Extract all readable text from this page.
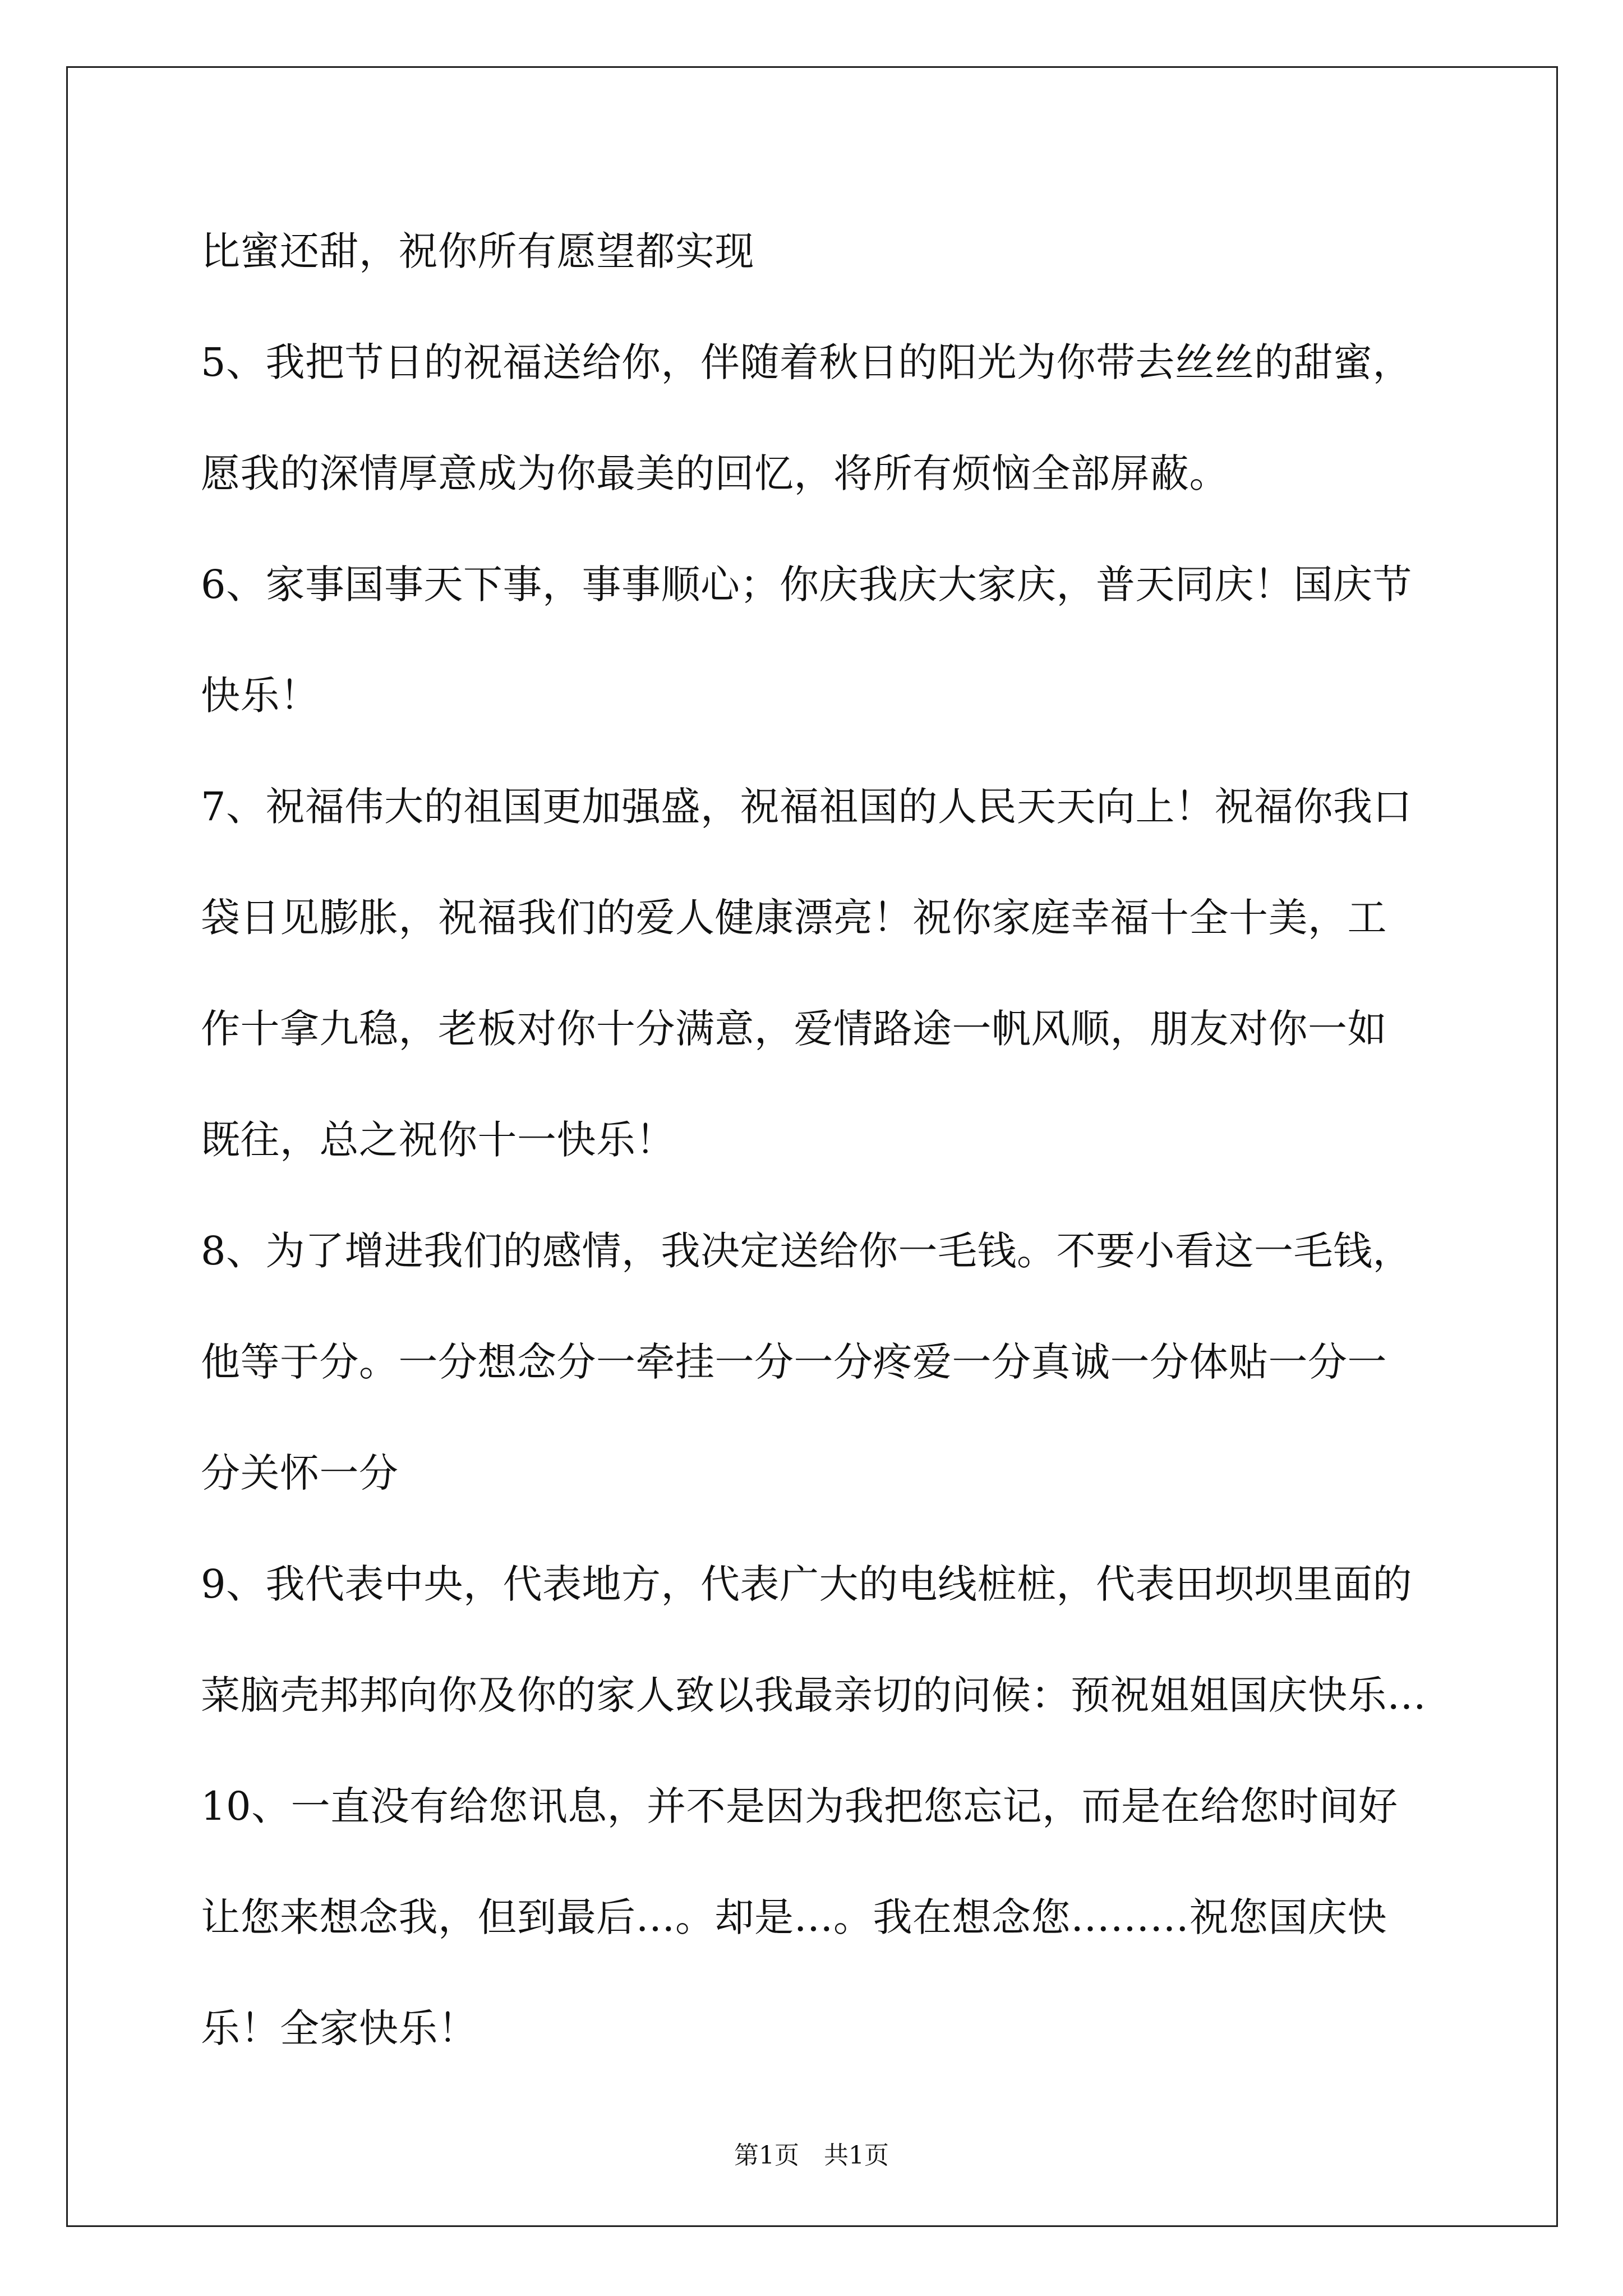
比蜜还甜，祝你所有愿望都实现
5、我把节日的祝福送给你，伴随着秋日的阳光为你带去丝丝的甜蜜，
愿我的深情厚意成为你最美的回忆，将所有烦恼全部屏蔽。
6、家事国事天下事，事事顺心；你庆我庆大家庆，普天同庆！国庆节
快乐！
7、祝福伟大的祖国更加强盛，祝福祖国的人民天天向上！祝福你我口
袋日见膨胀，祝福我们的爱人健康漂亮！祝你家庭幸福十全十美，工
作十拿九稳，老板对你十分满意，爱情路途一帆风顺，朋友对你一如
既往，总之祝你十一快乐！
8、为了增进我们的感情，我决定送给你一毛钱。不要小看这一毛钱，
他等于分。一分想念分一牵挂一分一分疼爱一分真诚一分体贴一分一
分关怀一分
9、我代表中央，代表地方，代表广大的电线桩桩，代表田坝坝里面的
菜脑壳邦邦向你及你的家人致以我最亲切的问候：预祝姐姐国庆快乐…
10、一直没有给您讯息，并不是因为我把您忘记，而是在给您时间好
让您来想念我，但到最后…。却是…。我在想念您………祝您国庆快
乐！全家快乐！
第1页　共1页
